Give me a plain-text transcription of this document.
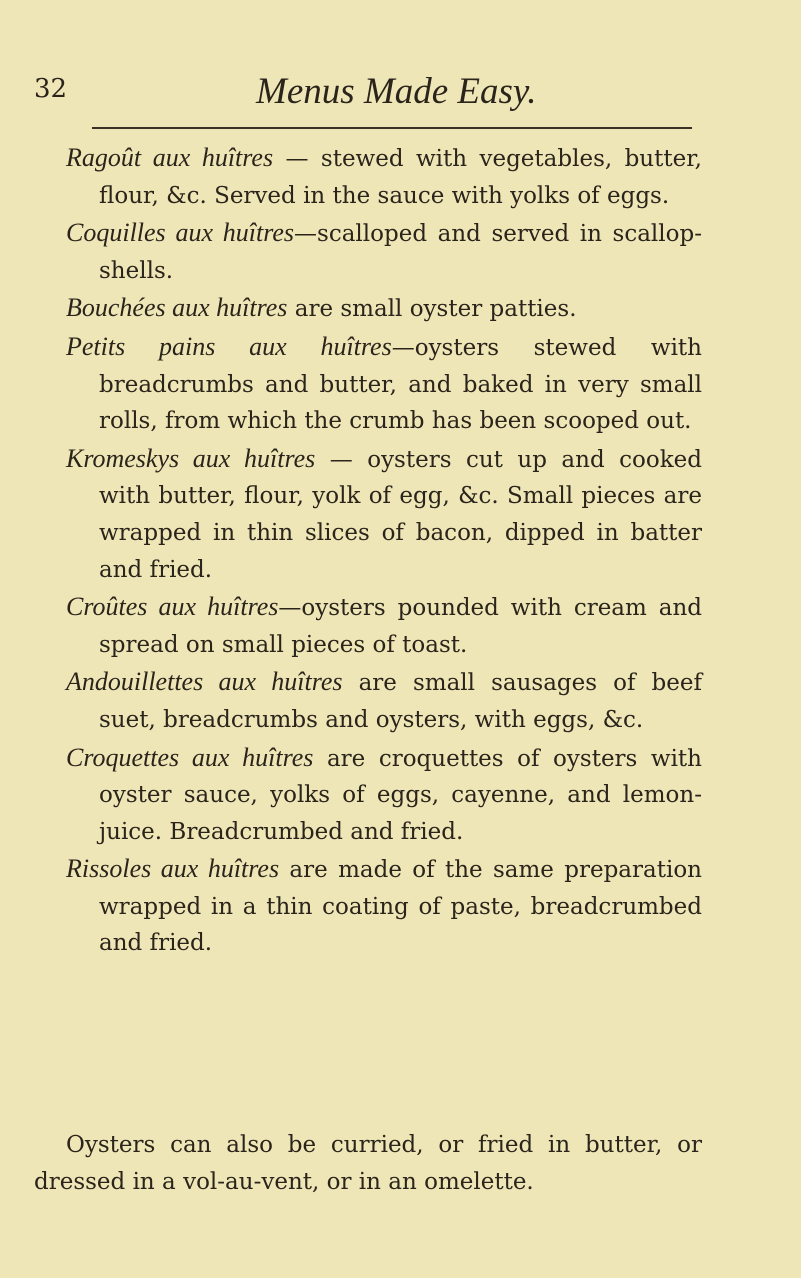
32	Menus Made Easy.

Ragoût aux huîtres — stewed with vegetables, butter, flour, &c. Served in the sauce with yolks of eggs.

Coquilles aux huîtres—scalloped and served in scallop-shells.

Bouchées aux huîtres are small oyster patties.

Petits pains aux huîtres—oysters stewed with breadcrumbs and butter, and baked in very small rolls, from which the crumb has been scooped out.

Kromeskys aux huîtres — oysters cut up and cooked with butter, flour, yolk of egg, &c. Small pieces are wrapped in thin slices of bacon, dipped in batter and fried.

Croûtes aux huîtres—oysters pounded with cream and spread on small pieces of toast.

Andouillettes aux huîtres are small sausages of beef suet, breadcrumbs and oysters, with eggs, &c.

Croquettes aux huîtres are croquettes of oysters with oyster sauce, yolks of eggs, cayenne, and lemon-juice. Breadcrumbed and fried.

Rissoles aux huîtres are made of the same preparation wrapped in a thin coating of paste, breadcrumbed and fried.

Oysters can also be curried, or fried in butter, or dressed in a vol-au-vent, or in an omelette.
